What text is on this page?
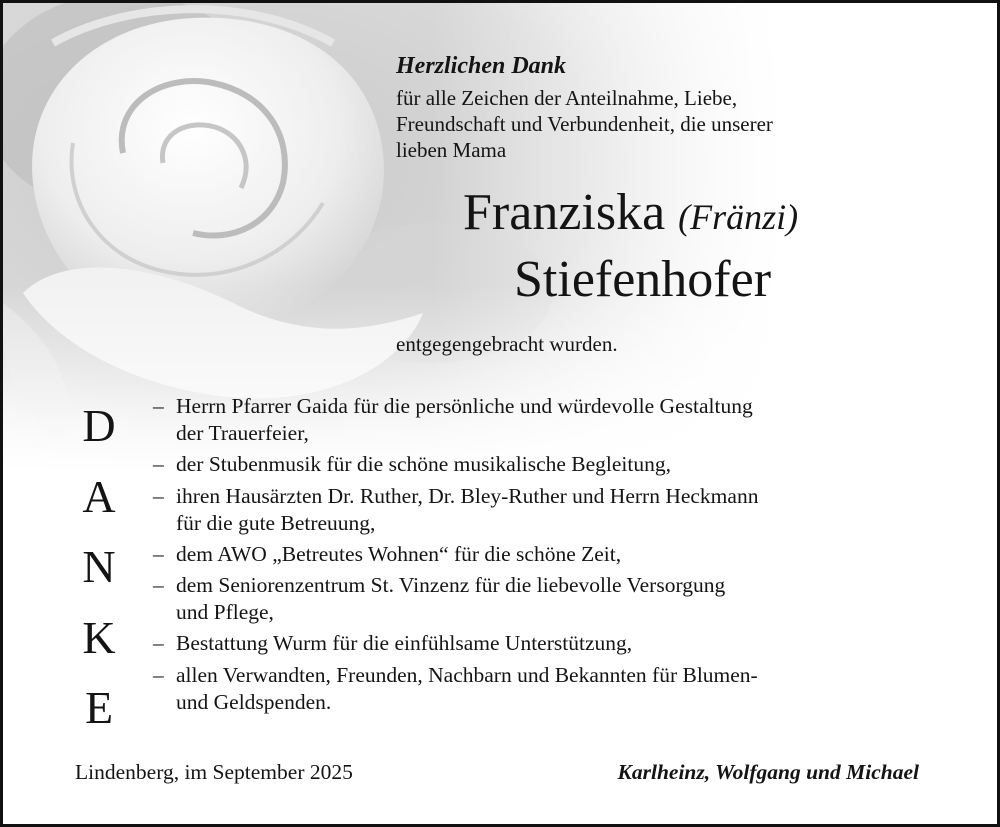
Herzlichen Dank

für alle Zeichen der Anteilnahme, Liebe,
Freundschaft und Verbundenheit, die unserer
lieben Mama

Franziska (Fränzi)
Stiefenhofer
entgegengebracht wurden.
D
A
N
K
E
– Herrn Pfarrer Gaida für die persönliche und würdevolle Gestaltung
der Trauerfeier,
– der Stubenmusik für die schöne musikalische Begleitung,
– ihren Hausärzten Dr. Ruther, Dr. Bley-Ruther und Herrn Heckmann
für die gute Betreuung,
– dem AWO „Betreutes Wohnen“ für die schöne Zeit,
– dem Seniorenzentrum St. Vinzenz für die liebevolle Versorgung
und Pflege,
– Bestattung Wurm für die einfühlsame Unterstützung,
– allen Verwandten, Freunden, Nachbarn und Bekannten für Blumen-
und Geldspenden.
Lindenberg, im September 2025	Karlheinz, Wolfgang und Michael
